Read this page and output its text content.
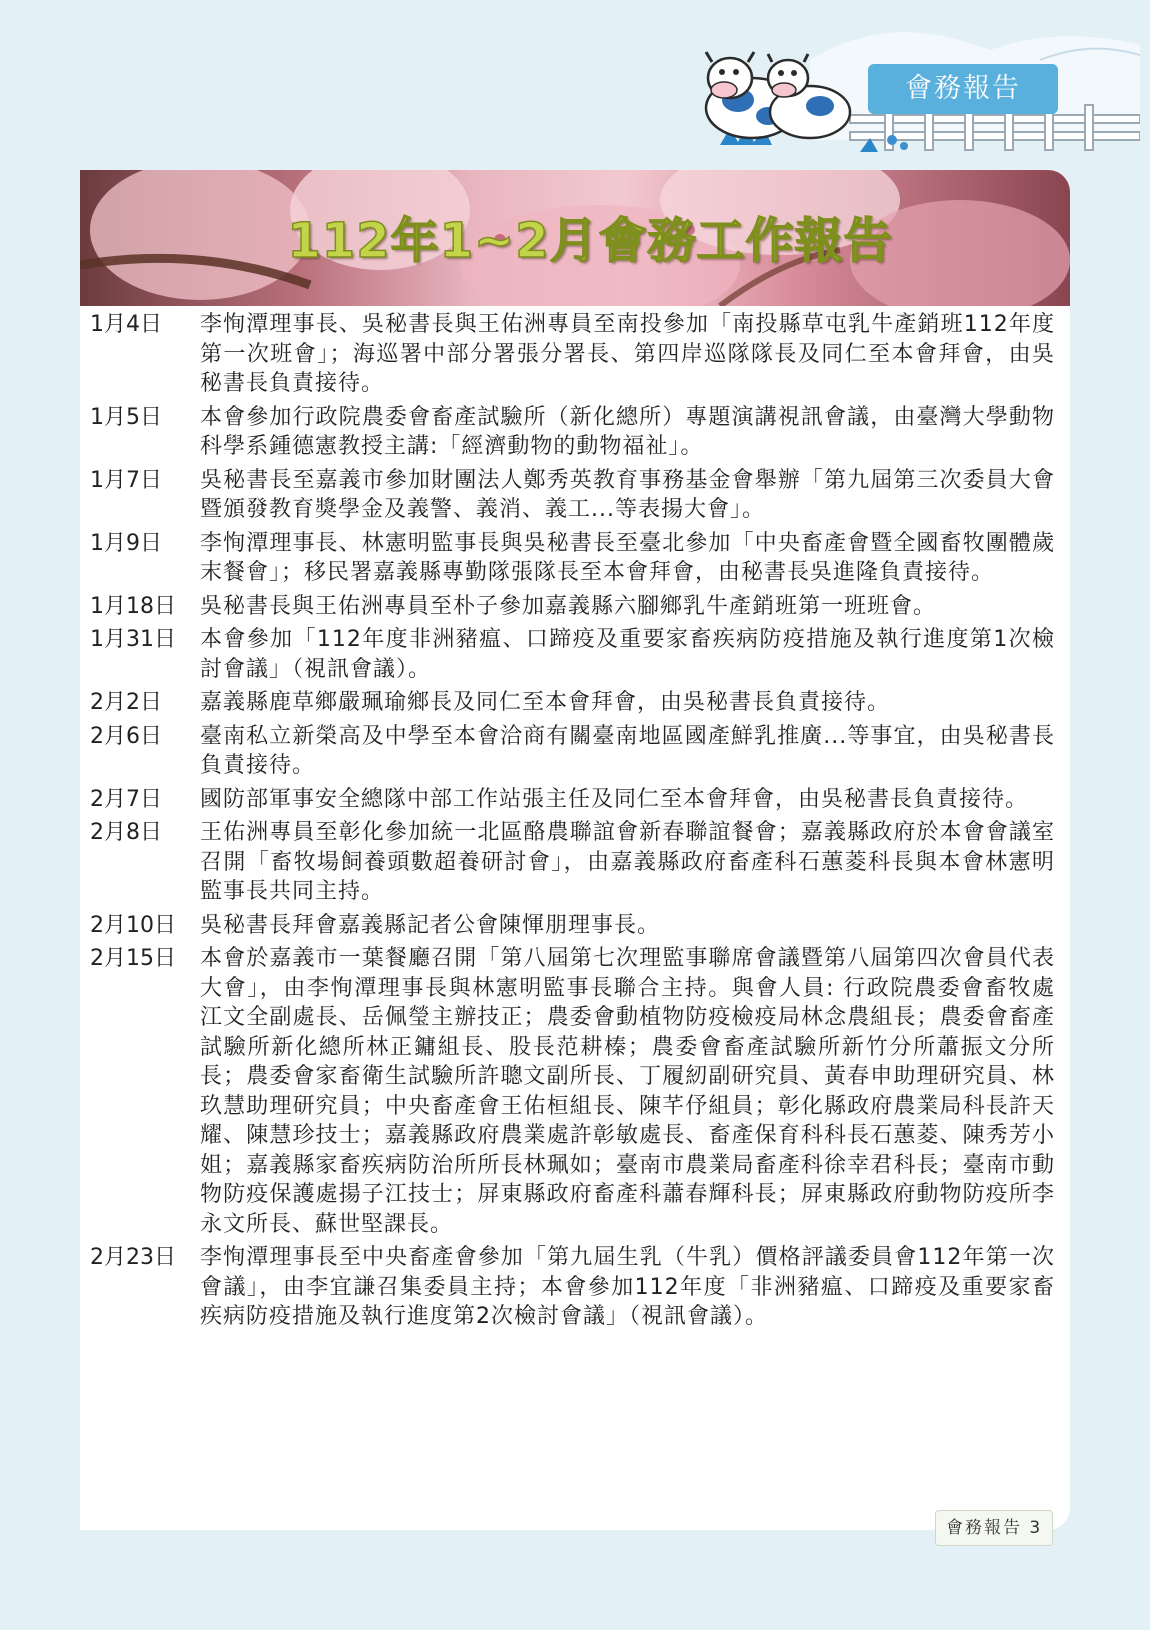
會務報告
112年1~2月會務工作報告
1月4日	李恂潭理事長、吳秘書長與王佑洲專員至南投參加「南投縣草屯乳牛產銷班112年度第一次班會」；海巡署中部分署張分署長、第四岸巡隊隊長及同仁至本會拜會，由吳秘書長負責接待。
1月5日	本會參加行政院農委會畜產試驗所（新化總所）專題演講視訊會議，由臺灣大學動物科學系鍾德憲教授主講:「經濟動物的動物福祉」。
1月7日	吳秘書長至嘉義市參加財團法人鄭秀英教育事務基金會舉辦「第九屆第三次委員大會暨頒發教育獎學金及義警、義消、義工...等表揚大會」。
1月9日	李恂潭理事長、林憲明監事長與吳秘書長至臺北參加「中央畜產會暨全國畜牧團體歲末餐會」；移民署嘉義縣專勤隊張隊長至本會拜會，由秘書長吳進隆負責接待。
1月18日	吳秘書長與王佑洲專員至朴子參加嘉義縣六腳鄉乳牛產銷班第一班班會。
1月31日	本會參加「112年度非洲豬瘟、口蹄疫及重要家畜疾病防疫措施及執行進度第1次檢討會議」（視訊會議）。
2月2日	嘉義縣鹿草鄉嚴珮瑜鄉長及同仁至本會拜會，由吳秘書長負責接待。
2月6日	臺南私立新榮高及中學至本會洽商有關臺南地區國產鮮乳推廣...等事宜，由吳秘書長負責接待。
2月7日	國防部軍事安全總隊中部工作站張主任及同仁至本會拜會，由吳秘書長負責接待。
2月8日	王佑洲專員至彰化參加統一北區酪農聯誼會新春聯誼餐會；嘉義縣政府於本會會議室召開「畜牧場飼養頭數超養研討會」，由嘉義縣政府畜產科石蕙菱科長與本會林憲明監事長共同主持。
2月10日	吳秘書長拜會嘉義縣記者公會陳惲朋理事長。
2月15日	本會於嘉義市一葉餐廳召開「第八屆第七次理監事聯席會議暨第八屆第四次會員代表大會」，由李恂潭理事長與林憲明監事長聯合主持。與會人員: 行政院農委會畜牧處江文全副處長、岳佩瑩主辦技正；農委會動植物防疫檢疫局林念農組長；農委會畜產試驗所新化總所林正鏞組長、股長范耕榛；農委會畜產試驗所新竹分所蕭振文分所長；農委會家畜衛生試驗所許聰文副所長、丁履紉副研究員、黃春申助理研究員、林玖慧助理研究員；中央畜產會王佑桓組長、陳芊伃組員；彰化縣政府農業局科長許天耀、陳慧珍技士；嘉義縣政府農業處許彰敏處長、畜產保育科科長石蕙菱、陳秀芳小姐；嘉義縣家畜疾病防治所所長林珮如；臺南市農業局畜產科徐幸君科長；臺南市動物防疫保護處揚子江技士；屏東縣政府畜產科蕭春輝科長；屏東縣政府動物防疫所李永文所長、蘇世堅課長。
2月23日	李恂潭理事長至中央畜產會參加「第九屆生乳（牛乳）價格評議委員會112年第一次會議」，由李宜謙召集委員主持；本會參加112年度「非洲豬瘟、口蹄疫及重要家畜疾病防疫措施及執行進度第2次檢討會議」（視訊會議）。
會務報告 3
